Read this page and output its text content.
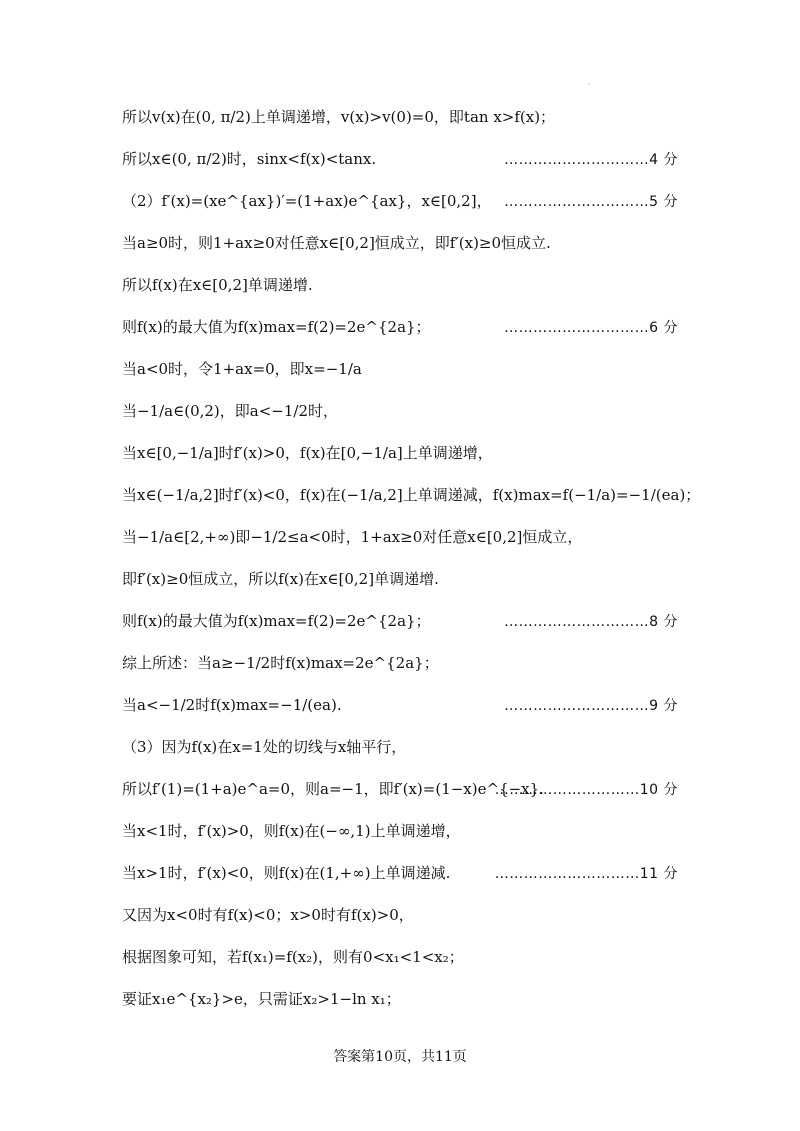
·
所以v(x)在(0, π/2)上单调递增，v(x)>v(0)=0，即tan x>f(x)；
所以x∈(0, π/2)时，sinx<f(x)<tanx.	…………………………4 分
（2）f′(x)=(xe^{ax})′=(1+ax)e^{ax}，x∈[0,2]， …………………………5 分
当a≥0时，则1+ax≥0对任意x∈[0,2]恒成立，即f′(x)≥0恒成立.
所以f(x)在x∈[0,2]单调递增.
则f(x)的最大值为f(x)max=f(2)=2e^{2a}；	…………………………6 分
当a<0时，令1+ax=0，即x=−1/a
当−1/a∈(0,2)，即a<−1/2时，
当x∈[0,−1/a]时f′(x)>0，f(x)在[0,−1/a]上单调递增，
当x∈(−1/a,2]时f′(x)<0，f(x)在(−1/a,2]上单调递减，f(x)max=f(−1/a)=−1/(ea)；
当−1/a∈[2,+∞)即−1/2≤a<0时，1+ax≥0对任意x∈[0,2]恒成立，
即f′(x)≥0恒成立，所以f(x)在x∈[0,2]单调递增.
则f(x)的最大值为f(x)max=f(2)=2e^{2a}；	…………………………8 分
综上所述：当a≥−1/2时f(x)max=2e^{2a}；
当a<−1/2时f(x)max=−1/(ea).	…………………………9 分
（3）因为f(x)在x=1处的切线与x轴平行，
所以f′(1)=(1+a)e^a=0，则a=−1，即f′(x)=(1−x)e^{−x}.
…………………………10 分
当x<1时，f′(x)>0，则f(x)在(−∞,1)上单调递增，
当x>1时，f′(x)<0，则f(x)在(1,+∞)上单调递减.	…………………………11 分
又因为x<0时有f(x)<0；x>0时有f(x)>0，
根据图象可知，若f(x₁)=f(x₂)，则有0<x₁<1<x₂；
要证x₁e^{x₂}>e，只需证x₂>1−ln x₁；
答案第10页，共11页
